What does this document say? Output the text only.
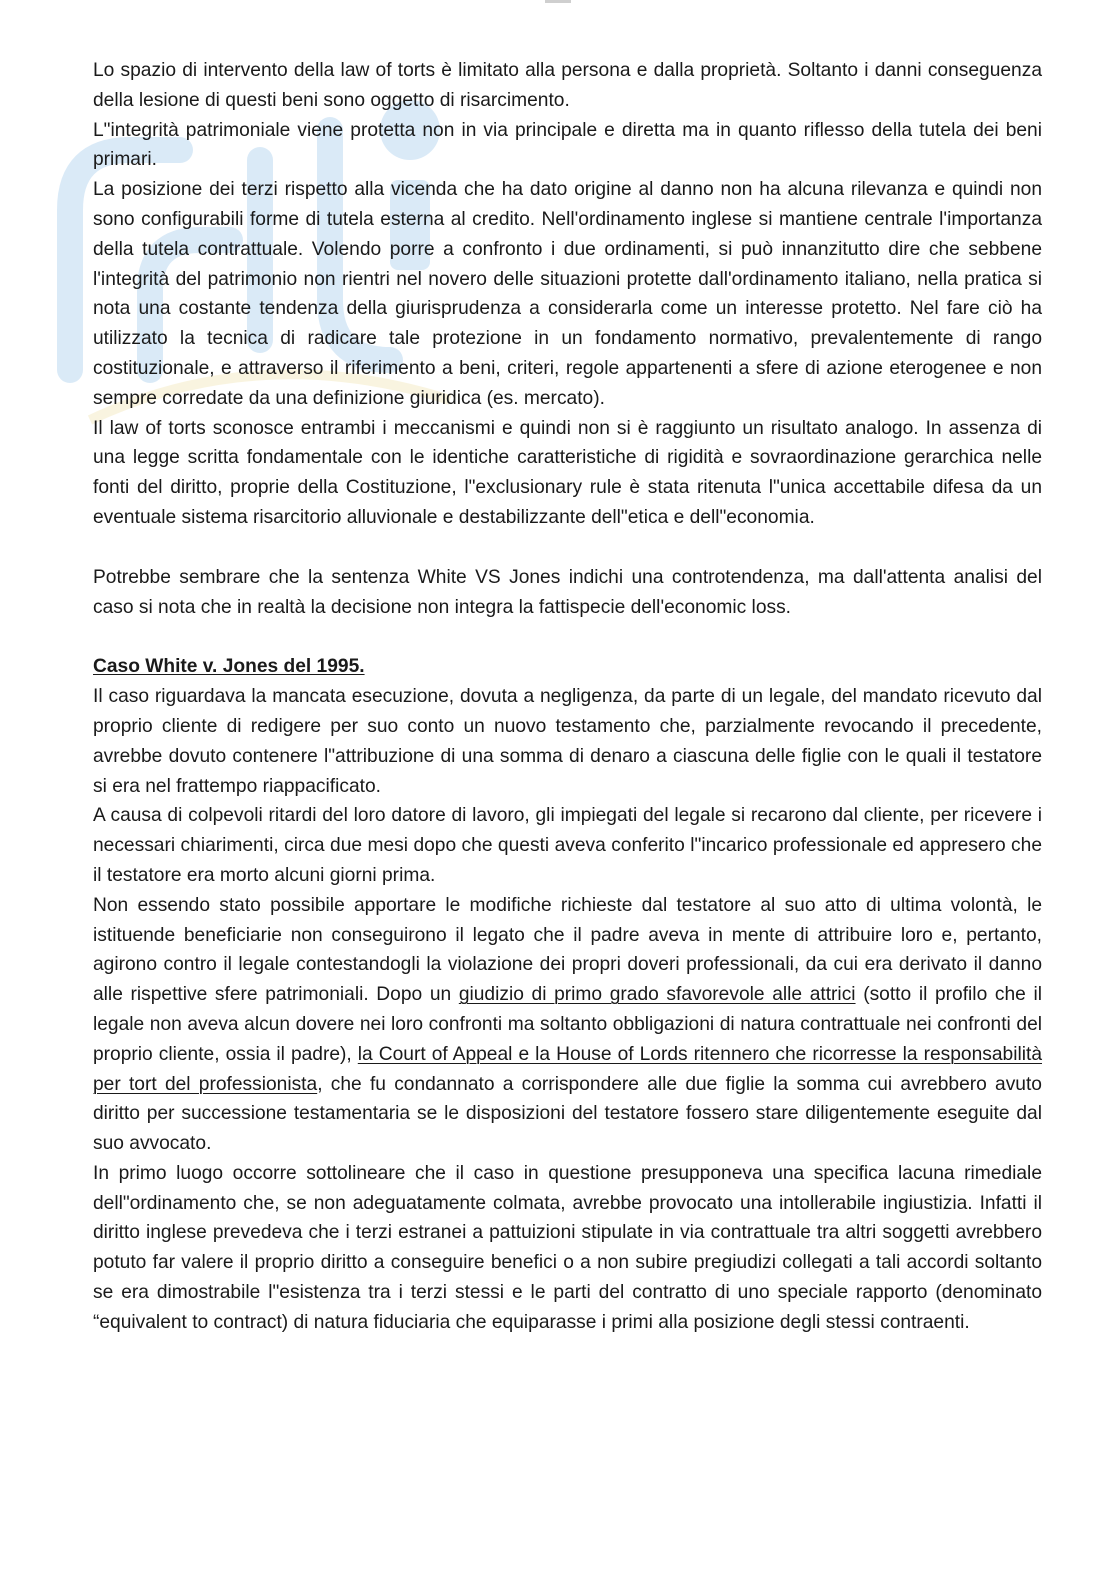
Lo spazio di intervento della law of torts è limitato alla persona e dalla proprietà. Soltanto i danni conseguenza della lesione di questi beni sono oggetto di risarcimento.

L"integrità patrimoniale viene protetta non in via principale e diretta ma in quanto riflesso della tutela dei beni primari.

La posizione dei terzi rispetto alla vicenda che ha dato origine al danno non ha alcuna rilevanza e quindi non sono configurabili forme di tutela esterna al credito. Nell'ordinamento inglese si mantiene centrale l'importanza della tutela contrattuale. Volendo porre a confronto i due ordinamenti, si può innanzitutto dire che sebbene l'integrità del patrimonio non rientri nel novero delle situazioni protette dall'ordinamento italiano, nella pratica si nota una costante tendenza della giurisprudenza a considerarla come un interesse protetto. Nel fare ciò ha utilizzato la tecnica di radicare tale protezione in un fondamento normativo, prevalentemente di rango costituzionale, e attraverso il riferimento a beni, criteri, regole appartenenti a sfere di azione eterogenee e non sempre corredate da una definizione giuridica (es. mercato).

Il law of torts sconosce entrambi i meccanismi e quindi non si è raggiunto un risultato analogo. In assenza di una legge scritta fondamentale con le identiche caratteristiche di rigidità e sovraordinazione gerarchica nelle fonti del diritto, proprie della Costituzione, l"exclusionary rule è stata ritenuta l"unica accettabile difesa da un eventuale sistema risarcitorio alluvionale e destabilizzante dell"etica e dell"economia.

Potrebbe sembrare che la sentenza White VS Jones indichi una controtendenza, ma dall'attenta analisi del caso si nota che in realtà la decisione non integra la fattispecie dell'economic loss.

Caso White v. Jones del 1995.

Il caso riguardava la mancata esecuzione, dovuta a negligenza, da parte di un legale, del mandato ricevuto dal proprio cliente di redigere per suo conto un nuovo testamento che, parzialmente revocando il precedente, avrebbe dovuto contenere l"attribuzione di una somma di denaro a ciascuna delle figlie con le quali il testatore si era nel frattempo riappacificato.

A causa di colpevoli ritardi del loro datore di lavoro, gli impiegati del legale si recarono dal cliente, per ricevere i necessari chiarimenti, circa due mesi dopo che questi aveva conferito l"incarico professionale ed appresero che il testatore era morto alcuni giorni prima.

Non essendo stato possibile apportare le modifiche richieste dal testatore al suo atto di ultima volontà, le istituende beneficiarie non conseguirono il legato che il padre aveva in mente di attribuire loro e, pertanto, agirono contro il legale contestandogli la violazione dei propri doveri professionali, da cui era derivato il danno alle rispettive sfere patrimoniali. Dopo un giudizio di primo grado sfavorevole alle attrici (sotto il profilo che il legale non aveva alcun dovere nei loro confronti ma soltanto obbligazioni di natura contrattuale nei confronti del proprio cliente, ossia il padre), la Court of Appeal e la House of Lords ritennero che ricorresse la responsabilità per tort del professionista, che fu condannato a corrispondere alle due figlie la somma cui avrebbero avuto diritto per successione testamentaria se le disposizioni del testatore fossero stare diligentemente eseguite dal suo avvocato.

In primo luogo occorre sottolineare che il caso in questione presupponeva una specifica lacuna rimediale dell"ordinamento che, se non adeguatamente colmata, avrebbe provocato una intollerabile ingiustizia. Infatti il diritto inglese prevedeva che i terzi estranei a pattuizioni stipulate in via contrattuale tra altri soggetti avrebbero potuto far valere il proprio diritto a conseguire benefici o a non subire pregiudizi collegati a tali accordi soltanto se era dimostrabile l"esistenza tra i terzi stessi e le parti del contratto di uno speciale rapporto (denominato “equivalent to contract) di natura fiduciaria che equiparasse i primi alla posizione degli stessi contraenti.
